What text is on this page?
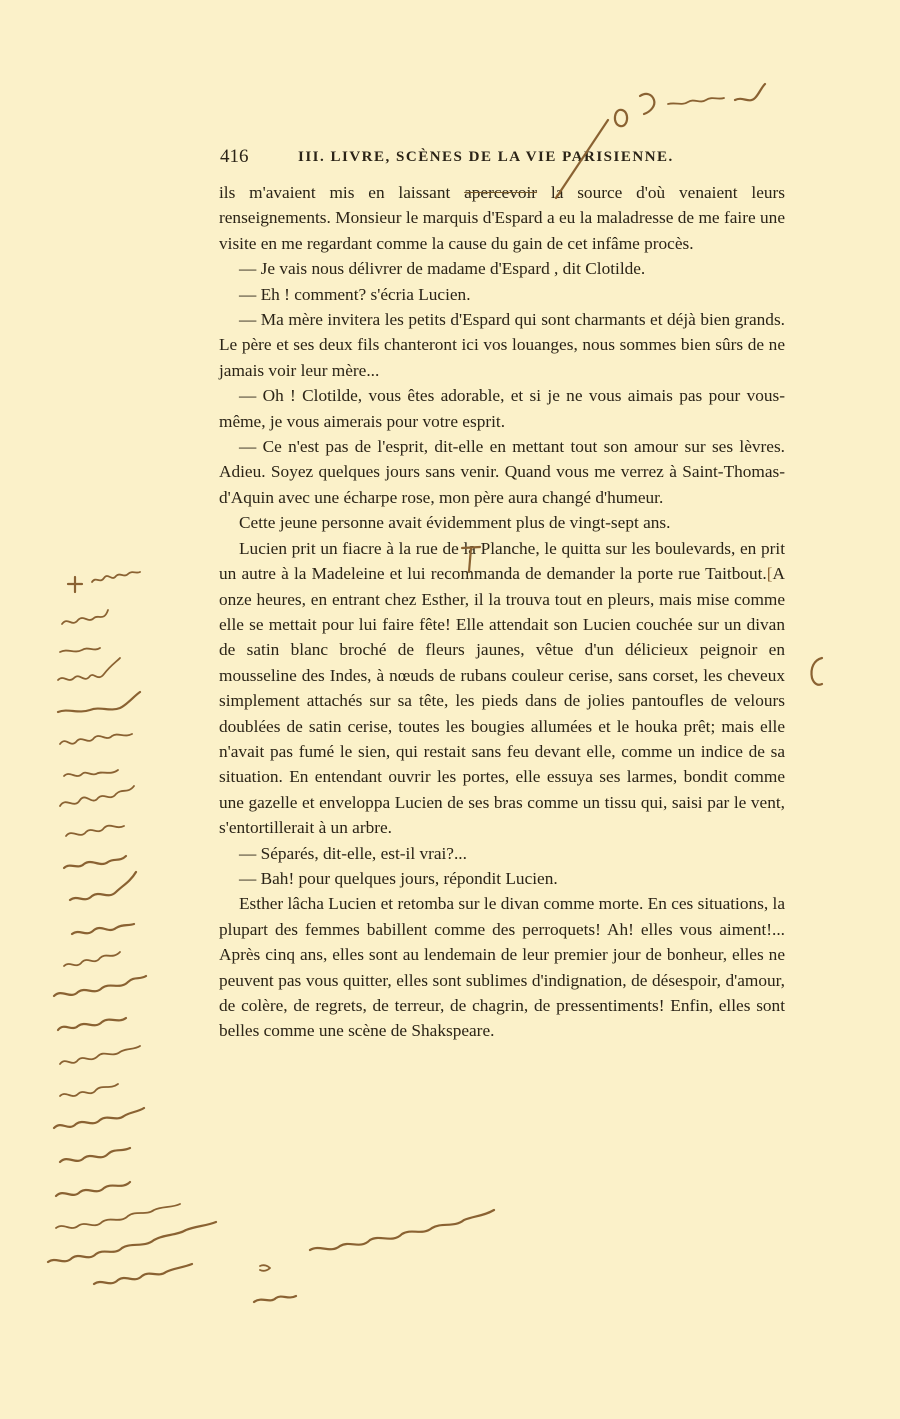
416	III. LIVRE, SCÈNES DE LA VIE PARISIENNE.

ils m'avaient mis en laissant apercevoir la source d'où venaient leurs renseignements. Monsieur le marquis d'Espard a eu la maladresse de me faire une visite en me regardant comme la cause du gain de cet infâme procès.

— Je vais nous délivrer de madame d'Espard , dit Clotilde.

— Eh ! comment? s'écria Lucien.

— Ma mère invitera les petits d'Espard qui sont charmants et déjà bien grands. Le père et ses deux fils chanteront ici vos louanges, nous sommes bien sûrs de ne jamais voir leur mère...

— Oh ! Clotilde, vous êtes adorable, et si je ne vous aimais pas pour vous-même, je vous aimerais pour votre esprit.

— Ce n'est pas de l'esprit, dit-elle en mettant tout son amour sur ses lèvres. Adieu. Soyez quelques jours sans venir. Quand vous me verrez à Saint-Thomas-d'Aquin avec une écharpe rose, mon père aura changé d'humeur.

Cette jeune personne avait évidemment plus de vingt-sept ans.

Lucien prit un fiacre à la rue de la Planche, le quitta sur les boulevards, en prit un autre à la Madeleine et lui recommanda de demander la porte rue Taitbout.[A onze heures, en entrant chez Esther, il la trouva tout en pleurs, mais mise comme elle se mettait pour lui faire fête! Elle attendait son Lucien couchée sur un divan de satin blanc broché de fleurs jaunes, vêtue d'un délicieux peignoir en mousseline des Indes, à nœuds de rubans couleur cerise, sans corset, les cheveux simplement attachés sur sa tête, les pieds dans de jolies pantoufles de velours doublées de satin cerise, toutes les bougies allumées et le houka prêt; mais elle n'avait pas fumé le sien, qui restait sans feu devant elle, comme un indice de sa situation. En entendant ouvrir les portes, elle essuya ses larmes, bondit comme une gazelle et enveloppa Lucien de ses bras comme un tissu qui, saisi par le vent, s'entortillerait à un arbre.

— Séparés, dit-elle, est-il vrai?...

— Bah! pour quelques jours, répondit Lucien.

Esther lâcha Lucien et retomba sur le divan comme morte. En ces situations, la plupart des femmes babillent comme des perroquets! Ah! elles vous aiment!... Après cinq ans, elles sont au lendemain de leur premier jour de bonheur, elles ne peuvent pas vous quitter, elles sont sublimes d'indignation, de désespoir, d'amour, de colère, de regrets, de terreur, de chagrin, de pressentiments! Enfin, elles sont belles comme une scène de Shakspeare.
